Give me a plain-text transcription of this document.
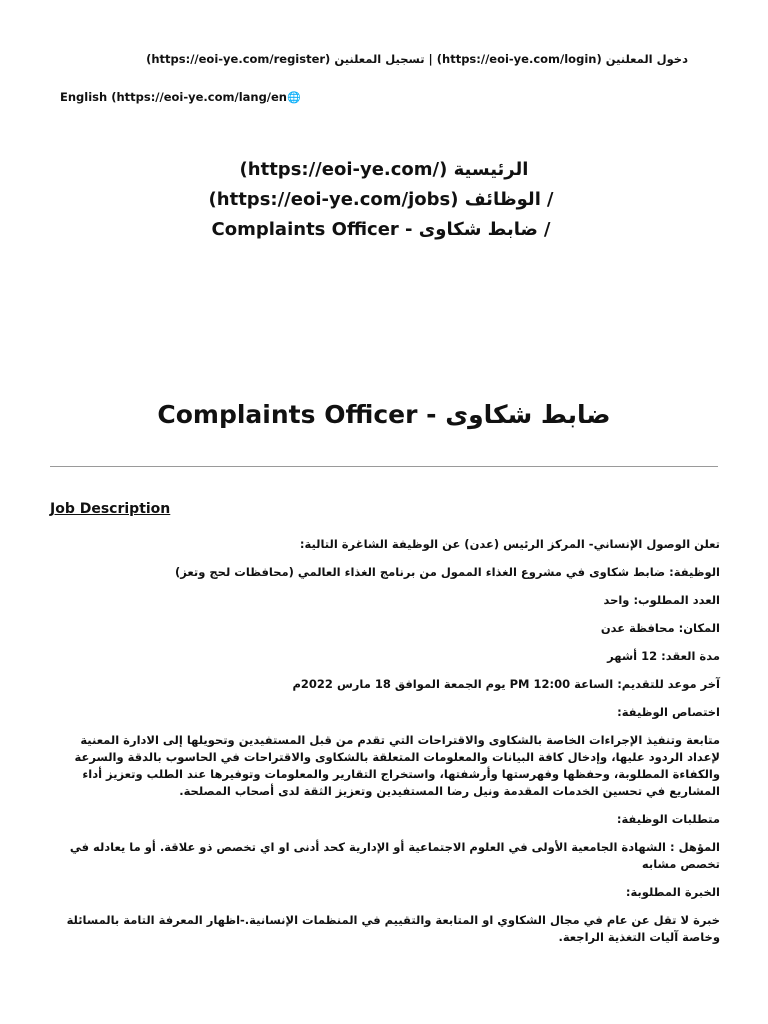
دخول المعلنين (https://eoi-ye.com/login) | تسجيل المعلنين (https://eoi-ye.com/register)
English (https://eoi-ye.com/lang/en🌐
الرئيسية (/https://eoi-ye.com)
/الوظائف (https://eoi-ye.com/jobs)
/ضابط شكاوى - Complaints Officer
ضابط شكاوى - Complaints Officer
Job Description

تعلن الوصول الإنساني- المركز الرئيس (عدن) عن الوظيفة الشاغرة التالية:

الوظيفة: ضابط شكاوى في مشروع الغذاء الممول من برنامج الغذاء العالمي (محافظات لحج وتعز)

العدد المطلوب: واحد

المكان: محافظة عدن

مدة العقد: 12 أشهر

آخر موعد للتقديم: الساعة PM 12:00 يوم الجمعة الموافق 18 مارس 2022م

اختصاص الوظيفة:

متابعة وتنفيذ الإجراءات الخاصة بالشكاوى والاقتراحات التي تقدم من قبل المستفيدين وتحويلها إلى الادارة المعنية لإعداد الردود عليها، وإدخال كافة البيانات والمعلومات المتعلقة بالشكاوى والاقتراحات في الحاسوب بالدقة والسرعة والكفاءة المطلوبة، وحفظها وفهرستها وأرشفتها، واستخراج التقارير والمعلومات وتوفيرها عند الطلب وتعزيز أداء المشاريع في تحسين الخدمات المقدمة ونيل رضا المستفيدين وتعزيز الثقة لدى أصحاب المصلحة.

متطلبات الوظيفة:

المؤهل : الشهادة الجامعية الأولى في العلوم الاجتماعية أو الإدارية كحد أدنى او اي تخصص ذو علاقة. أو ما يعادله في تخصص مشابه

الخبرة المطلوبة:

خبرة لا تقل عن عام في مجال الشكاوي او المتابعة والتقييم في المنظمات الإنسانية.-اظهار المعرفة التامة بالمسائلة وخاصة آليات التغذية الراجعة.
